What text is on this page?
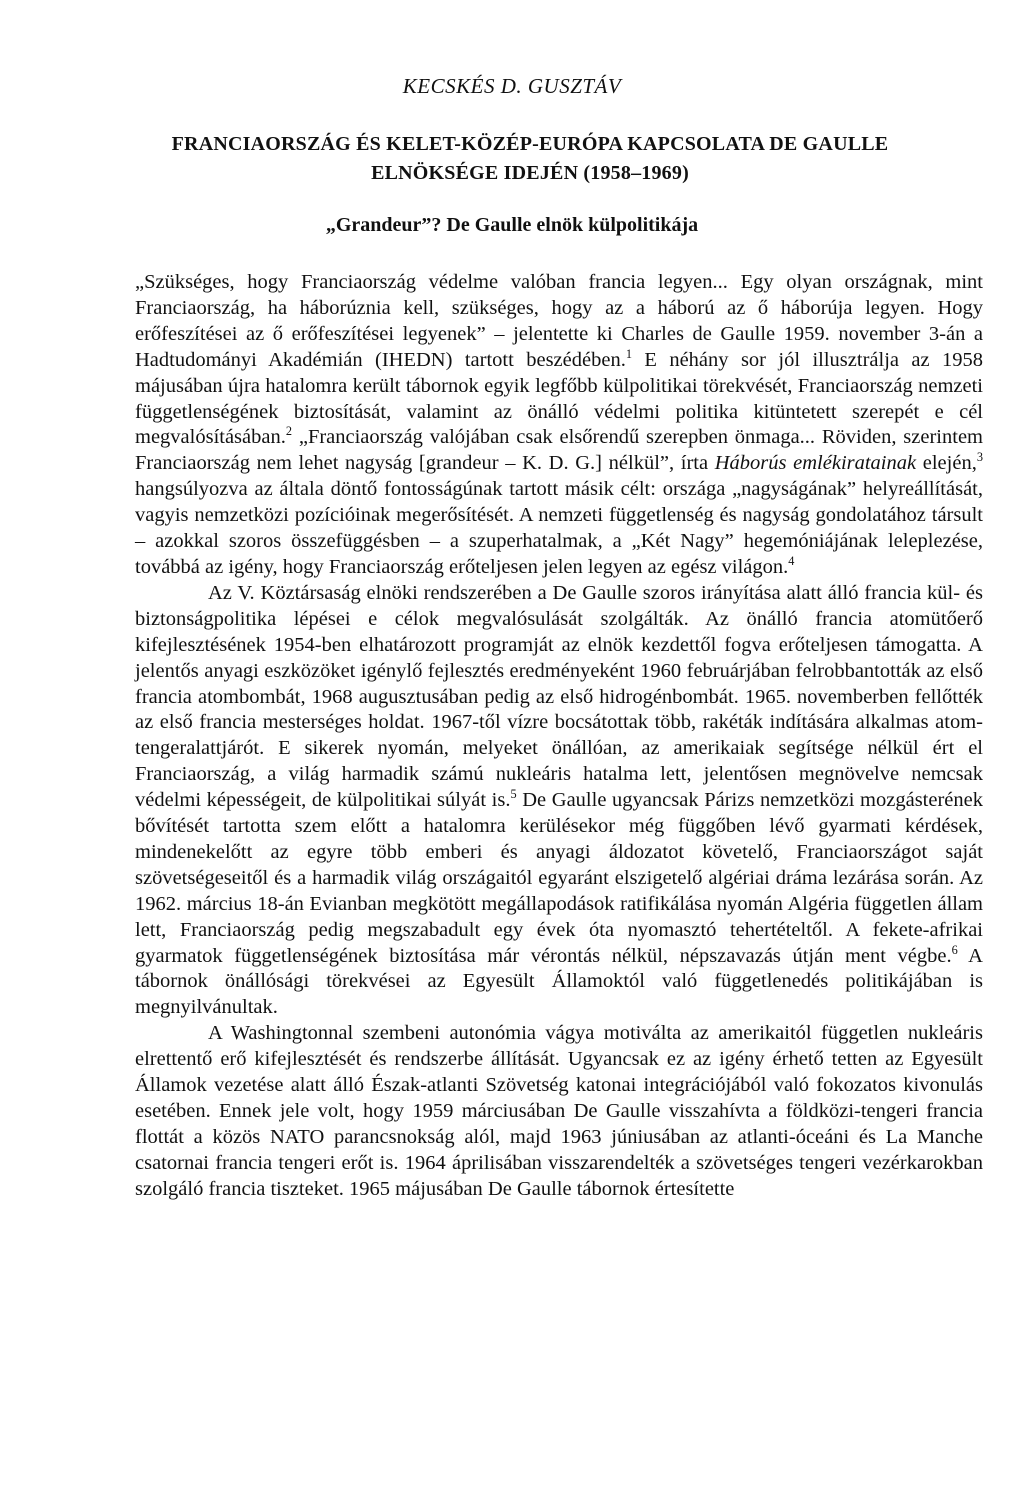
KECSKÉS D. GUSZTÁV
FRANCIAORSZÁG ÉS KELET-KÖZÉP-EURÓPA KAPCSOLATA DE GAULLE ELNÖKSÉGE IDEJÉN (1958–1969)
„Grandeur”? De Gaulle elnök külpolitikája

„Szükséges, hogy Franciaország védelme valóban francia legyen... Egy olyan országnak, mint Franciaország, ha háborúznia kell, szükséges, hogy az a háború az ő háborúja legyen. Hogy erőfeszítései az ő erőfeszítései legyenek” – jelentette ki Charles de Gaulle 1959. november 3-án a Hadtudományi Akadémián (IHEDN) tartott beszédében.$^1$ E néhány sor jól illusztrálja az 1958 májusában újra hatalomra került tábornok egyik legfőbb külpolitikai törekvését, Franciaország nemzeti függetlenségének biztosítását, valamint az önálló védelmi politika kitüntetett szerepét e cél megvalósításában.$^2$ „Franciaország valójában csak elsőrendű szerepben önmaga... Röviden, szerintem Franciaország nem lehet nagyság [grandeur – K. D. G.] nélkül”, írta Háborús emlékiratainak elején,$^3$ hangsúlyozva az általa döntő fontosságúnak tartott másik célt: országa „nagyságának” helyreállítását, vagyis nemzetközi pozícióinak megerősítését. A nemzeti függetlenség és nagyság gondolatához társult – azokkal szoros összefüggésben – a szuperhatalmak, a „Két Nagy” hegemóniájának leleplezése, továbbá az igény, hogy Franciaország erőteljesen jelen legyen az egész világon.$^4$

Az V. Köztársaság elnöki rendszerében a De Gaulle szoros irányítása alatt álló francia kül- és biztonságpolitika lépései e célok megvalósulását szolgálták. Az önálló francia atomütőerő kifejlesztésének 1954-ben elhatározott programját az elnök kezdettől fogva erőteljesen támogatta. A jelentős anyagi eszközöket igénylő fejlesztés eredményeként 1960 februárjában felrobbantották az első francia atombombát, 1968 augusztusában pedig az első hidrogénbombát. 1965. novemberben fellőtték az első francia mesterséges holdat. 1967-től vízre bocsátottak több, rakéták indítására alkalmas atom-tengeralattjárót. E sikerek nyomán, melyeket önállóan, az amerikaiak segítsége nélkül ért el Franciaország, a világ harmadik számú nukleáris hatalma lett, jelentősen megnövelve nemcsak védelmi képességeit, de külpolitikai súlyát is.$^5$ De Gaulle ugyancsak Párizs nemzetközi mozgásterének bővítését tartotta szem előtt a hatalomra kerülésekor még függőben lévő gyarmati kérdések, mindenekelőtt az egyre több emberi és anyagi áldozatot követelő, Franciaországot saját szövetségeseitől és a harmadik világ országaitól egyaránt elszigetelő algériai dráma lezárása során. Az 1962. március 18-án Evianban megkötött megállapodások ratifikálása nyomán Algéria független állam lett, Franciaország pedig megszabadult egy évek óta nyomasztó tehertételtől. A fekete-afrikai gyarmatok függetlenségének biztosítása már vérontás nélkül, népszavazás útján ment végbe.$^6$ A tábornok önállósági törekvései az Egyesült Államoktól való függetlenedés politikájában is megnyilvánultak.

A Washingtonnal szembeni autonómia vágya motiválta az amerikaitól független nukleáris elrettentő erő kifejlesztését és rendszerbe állítását. Ugyancsak ez az igény érhető tetten az Egyesült Államok vezetése alatt álló Észak-atlanti Szövetség katonai integrációjából való fokozatos kivonulás esetében. Ennek jele volt, hogy 1959 márciusában De Gaulle visszahívta a földközi-tengeri francia flottát a közös NATO parancsnokság alól, majd 1963 júniusában az atlanti-óceáni és La Manche csatornai francia tengeri erőt is. 1964 áprilisában visszarendelték a szövetséges tengeri vezérkarokban szolgáló francia tiszteket. 1965 májusában De Gaulle tábornok értesítette
